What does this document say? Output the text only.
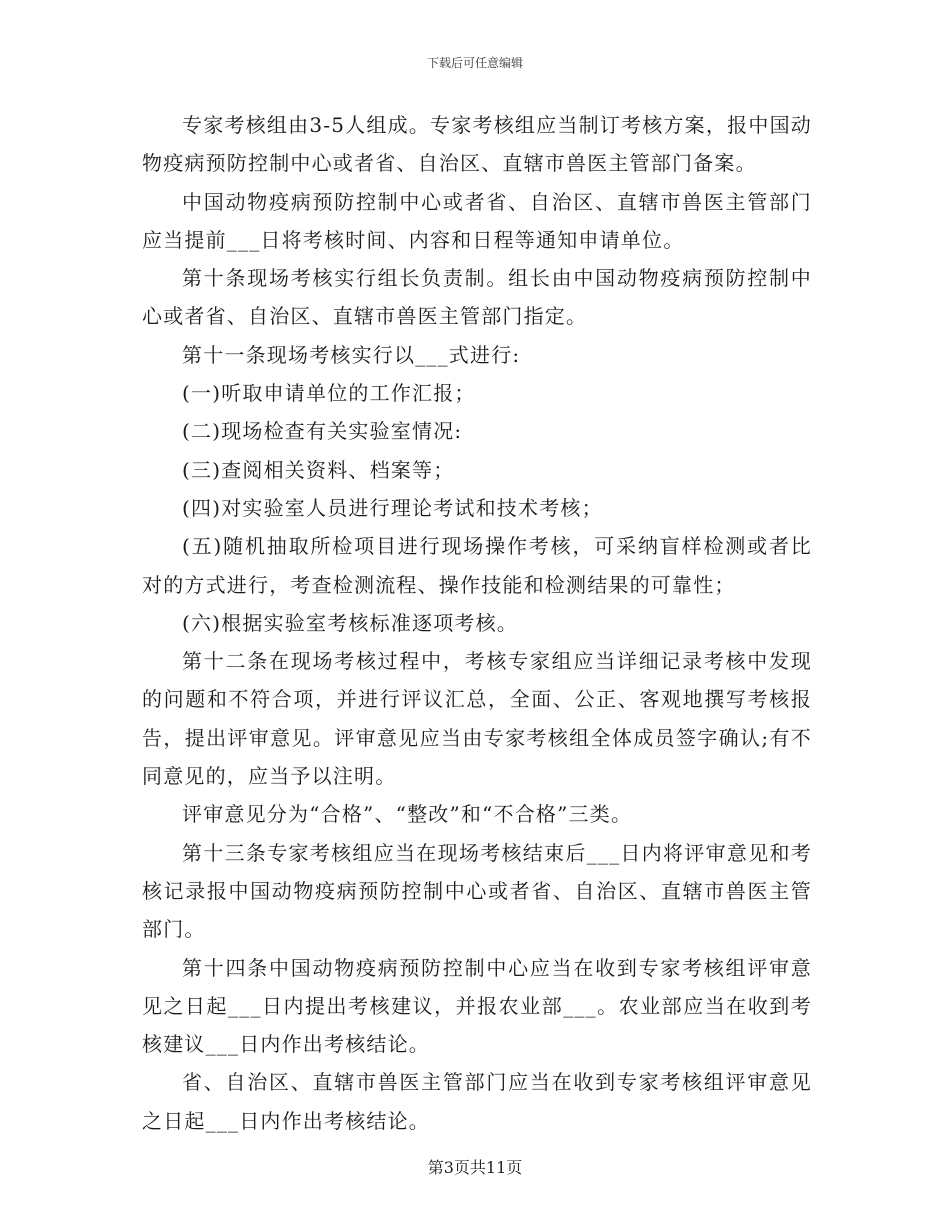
下载后可任意编辑

专家考核组由3-5人组成。专家考核组应当制订考核方案，报中国动物疫病预防控制中心或者省、自治区、直辖市兽医主管部门备案。

中国动物疫病预防控制中心或者省、自治区、直辖市兽医主管部门应当提前___日将考核时间、内容和日程等通知申请单位。

第十条现场考核实行组长负责制。组长由中国动物疫病预防控制中心或者省、自治区、直辖市兽医主管部门指定。

第十一条现场考核实行以___式进行:

(一)听取申请单位的工作汇报；

(二)现场检查有关实验室情况:

(三)查阅相关资料、档案等；

(四)对实验室人员进行理论考试和技术考核；

(五)随机抽取所检项目进行现场操作考核，可采纳盲样检测或者比对的方式进行，考查检测流程、操作技能和检测结果的可靠性；

(六)根据实验室考核标准逐项考核。

第十二条在现场考核过程中，考核专家组应当详细记录考核中发现的问题和不符合项，并进行评议汇总，全面、公正、客观地撰写考核报告，提出评审意见。评审意见应当由专家考核组全体成员签字确认;有不同意见的，应当予以注明。

评审意见分为“合格”、“整改”和“不合格”三类。

第十三条专家考核组应当在现场考核结束后___日内将评审意见和考核记录报中国动物疫病预防控制中心或者省、自治区、直辖市兽医主管部门。

第十四条中国动物疫病预防控制中心应当在收到专家考核组评审意见之日起___日内提出考核建议，并报农业部___。农业部应当在收到考核建议___日内作出考核结论。

省、自治区、直辖市兽医主管部门应当在收到专家考核组评审意见之日起___日内作出考核结论。

第3页共11页
